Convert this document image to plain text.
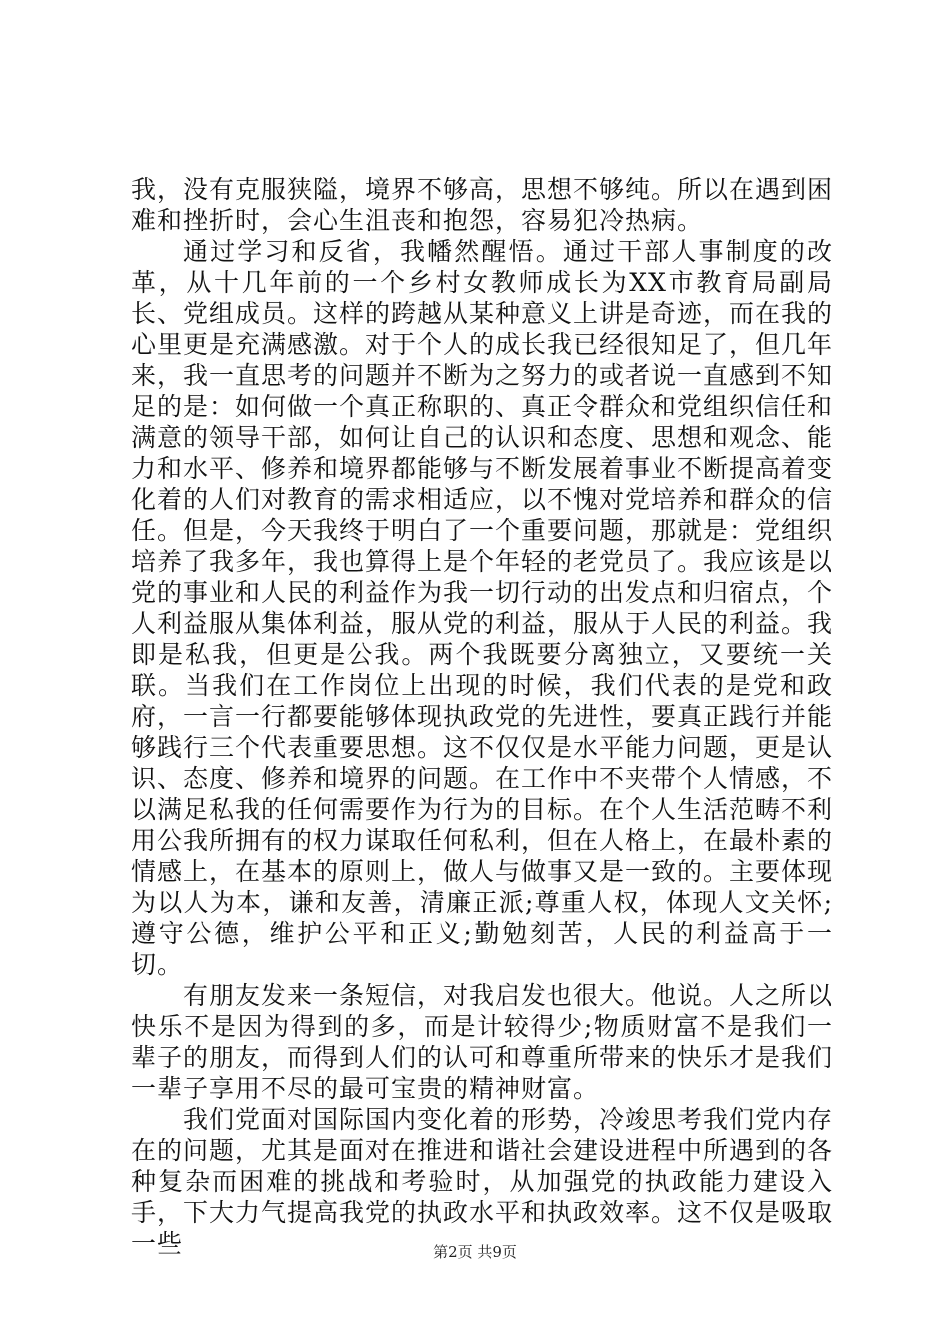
我，没有克服狭隘，境界不够高，思想不够纯。所以在遇到困难和挫折时，会心生沮丧和抱怨，容易犯冷热病。

通过学习和反省，我幡然醒悟。通过干部人事制度的改革，从十几年前的一个乡村女教师成长为XX市教育局副局长、党组成员。这样的跨越从某种意义上讲是奇迹，而在我的心里更是充满感激。对于个人的成长我已经很知足了，但几年来，我一直思考的问题并不断为之努力的或者说一直感到不知足的是：如何做一个真正称职的、真正令群众和党组织信任和满意的领导干部，如何让自己的认识和态度、思想和观念、能力和水平、修养和境界都能够与不断发展着事业不断提高着变化着的人们对教育的需求相适应，以不愧对党培养和群众的信任。但是，今天我终于明白了一个重要问题，那就是：党组织培养了我多年，我也算得上是个年轻的老党员了。我应该是以党的事业和人民的利益作为我一切行动的出发点和归宿点，个人利益服从集体利益，服从党的利益，服从于人民的利益。我即是私我，但更是公我。两个我既要分离独立，又要统一关联。当我们在工作岗位上出现的时候，我们代表的是党和政府，一言一行都要能够体现执政党的先进性，要真正践行并能够践行三个代表重要思想。这不仅仅是水平能力问题，更是认识、态度、修养和境界的问题。在工作中不夹带个人情感，不以满足私我的任何需要作为行为的目标。在个人生活范畴不利用公我所拥有的权力谋取任何私利，但在人格上，在最朴素的情感上，在基本的原则上，做人与做事又是一致的。主要体现为以人为本，谦和友善，清廉正派;尊重人权，体现人文关怀;遵守公德，维护公平和正义;勤勉刻苦，人民的利益高于一切。

有朋友发来一条短信，对我启发也很大。他说。人之所以快乐不是因为得到的多，而是计较得少;物质财富不是我们一辈子的朋友，而得到人们的认可和尊重所带来的快乐才是我们一辈子享用不尽的最可宝贵的精神财富。

我们党面对国际国内变化着的形势，冷竣思考我们党内存在的问题，尤其是面对在推进和谐社会建设进程中所遇到的各种复杂而困难的挑战和考验时，从加强党的执政能力建设入手，下大力气提高我党的执政水平和执政效率。这不仅是吸取一些	第2页 共9页
